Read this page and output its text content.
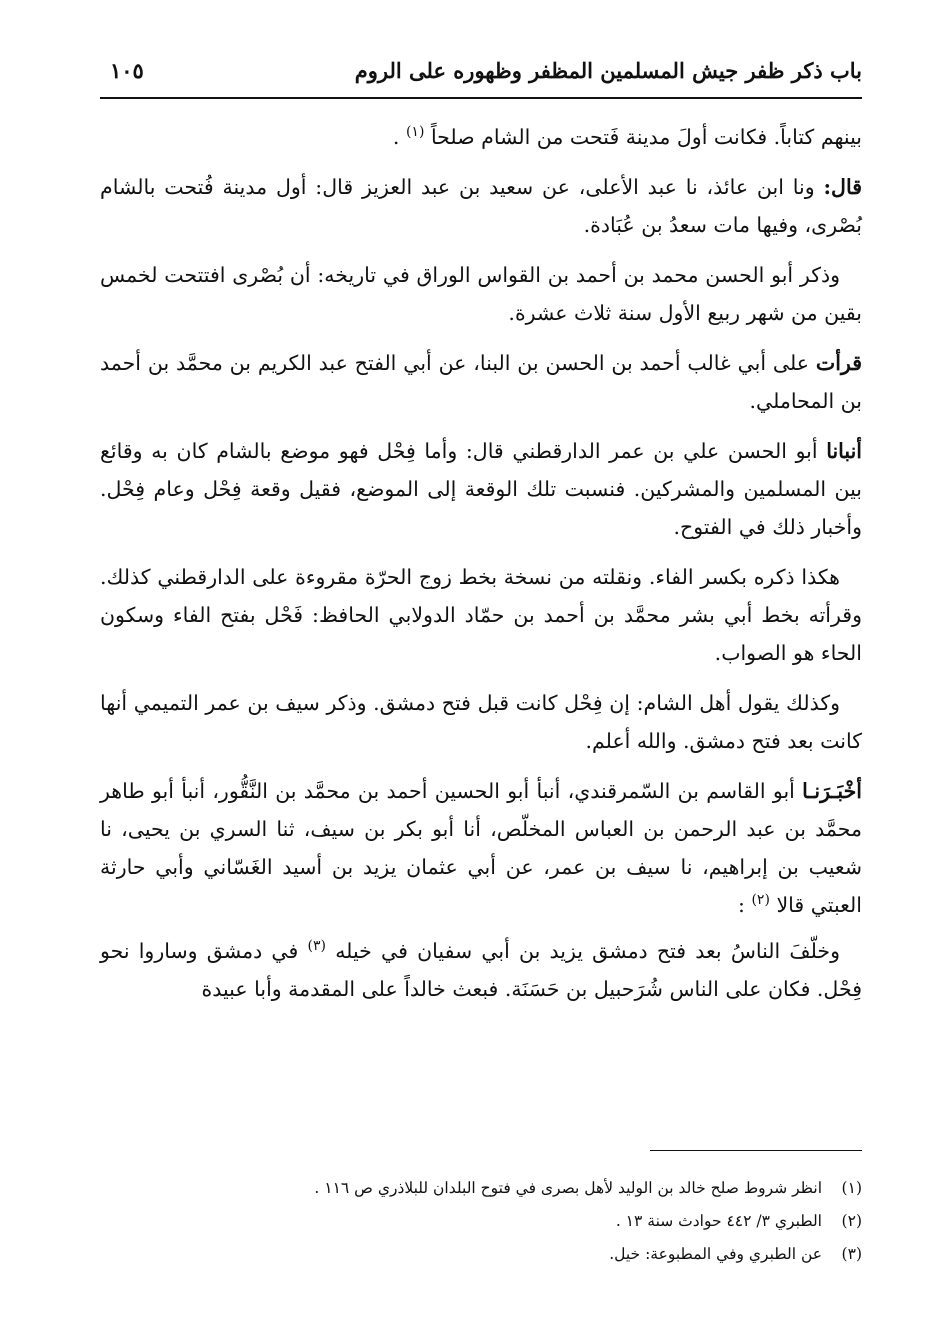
باب ذكر ظفر جيش المسلمين المظفر وظهوره على الروم
١٠٥

بينهم كتاباً. فكانت أولَ مدينة فَتحت من الشام صلحاً $^{(١)}$ .

قال: ونا ابن عائذ، نا عبد الأعلى، عن سعيد بن عبد العزيز قال: أول مدينة فُتحت بالشام بُصْرى، وفيها مات سعدُ بن عُبَادة.

وذكر أبو الحسن محمد بن أحمد بن القواس الوراق في تاريخه: أن بُصْرى افتتحت لخمس بقين من شهر ربيع الأول سنة ثلاث عشرة.

قرأت على أبي غالب أحمد بن الحسن بن البنا، عن أبي الفتح عبد الكريم بن محمَّد بن أحمد بن المحاملي.

أنبانا أبو الحسن علي بن عمر الدارقطني قال: وأما فِحْل فهو موضع بالشام كان به وقائع بين المسلمين والمشركين. فنسبت تلك الوقعة إلى الموضع، فقيل وقعة فِحْل وعام فِحْل. وأخبار ذلك في الفتوح.

هكذا ذكره بكسر الفاء. ونقلته من نسخة بخط زوج الحرّة مقروءة على الدارقطني كذلك. وقرأته بخط أبي بشر محمَّد بن أحمد بن حمّاد الدولابي الحافظ: فَحْل بفتح الفاء وسكون الحاء هو الصواب.

وكذلك يقول أهل الشام: إن فِحْل كانت قبل فتح دمشق. وذكر سيف بن عمر التميمي أنها كانت بعد فتح دمشق. والله أعلم.

أخْبَـرَنـا أبو القاسم بن السّمرقندي، أنبأ أبو الحسين أحمد بن محمَّد بن النَّقُّور، أنبأ أبو طاهر محمَّد بن عبد الرحمن بن العباس المخلّص، أنا أبو بكر بن سيف، ثنا السري بن يحيى، نا شعيب بن إبراهيم، نا سيف بن عمر، عن أبي عثمان يزيد بن أسيد الغَسّاني وأبي حارثة العبتي قالا $^{(٢)}$ :

وخلّفَ الناسُ بعد فتح دمشق يزيد بن أبي سفيان في خيله $^{(٣)}$ في دمشق وساروا نحو فِحْل. فكان على الناس شُرَحبيل بن حَسَنَة. فبعث خالداً على المقدمة وأبا عبيدة

(١)
انظر شروط صلح خالد بن الوليد لأهل بصرى في فتوح البلدان للبلاذري ص ١١٦ .
(٢)
الطبري ٣/ ٤٤٢ حوادث سنة ١٣ .
(٣)
عن الطبري وفي المطبوعة: خيل.
